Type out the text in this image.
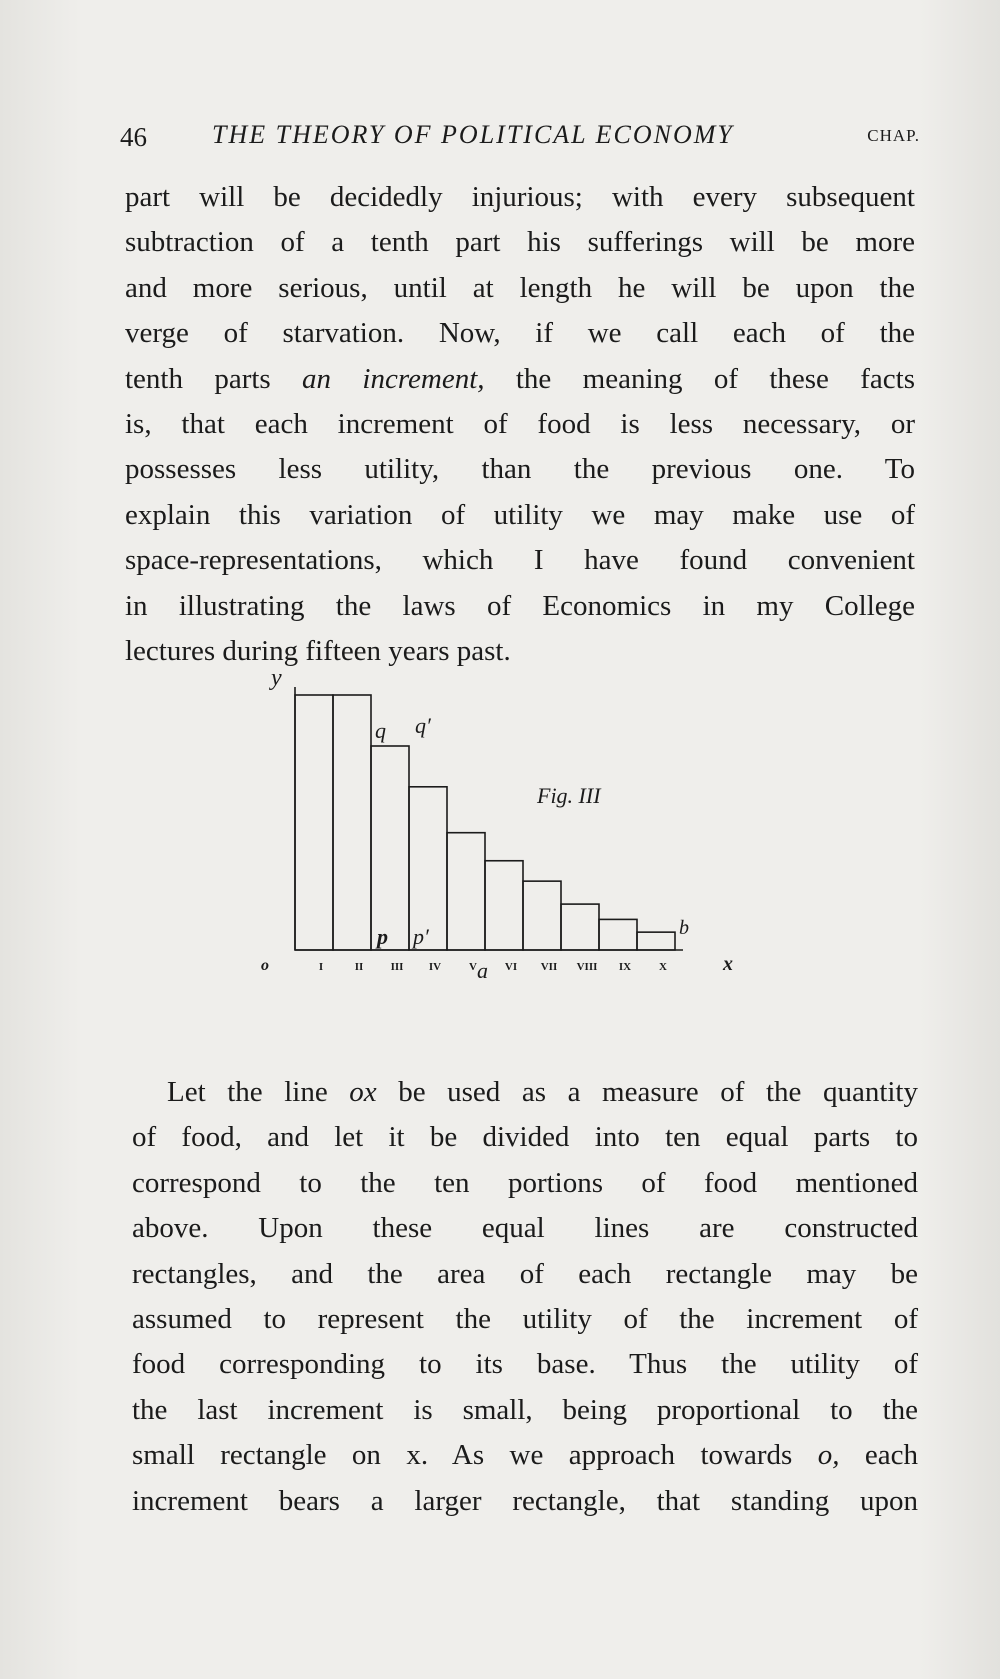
46	THE THEORY OF POLITICAL ECONOMY	CHAP.
part will be decidedly injurious; with every subsequent
subtraction of a tenth part his sufferings will be more
and more serious, until at length he will be upon the
verge of starvation. Now, if we call each of the
tenth parts an increment, the meaning of these facts
is, that each increment of food is less necessary, or
possesses less utility, than the previous one. To
explain this variation of utility we may make use of
space-representations, which I have found convenient
in illustrating the laws of Economics in my College
lectures during fifteen years past.
I	II III IV	V	VI VII VIII IX	X
y
o	x
Fig. III
p p′
q q′
a
b
Let the line ox be used as a measure of the quantity
of food, and let it be divided into ten equal parts to
correspond to the ten portions of food mentioned
above. Upon these equal lines are constructed
rectangles, and the area of each rectangle may be
assumed to represent the utility of the increment of
food corresponding to its base. Thus the utility of
the last increment is small, being proportional to the
small rectangle on x. As we approach towards o, each
increment bears a larger rectangle, that standing upon
